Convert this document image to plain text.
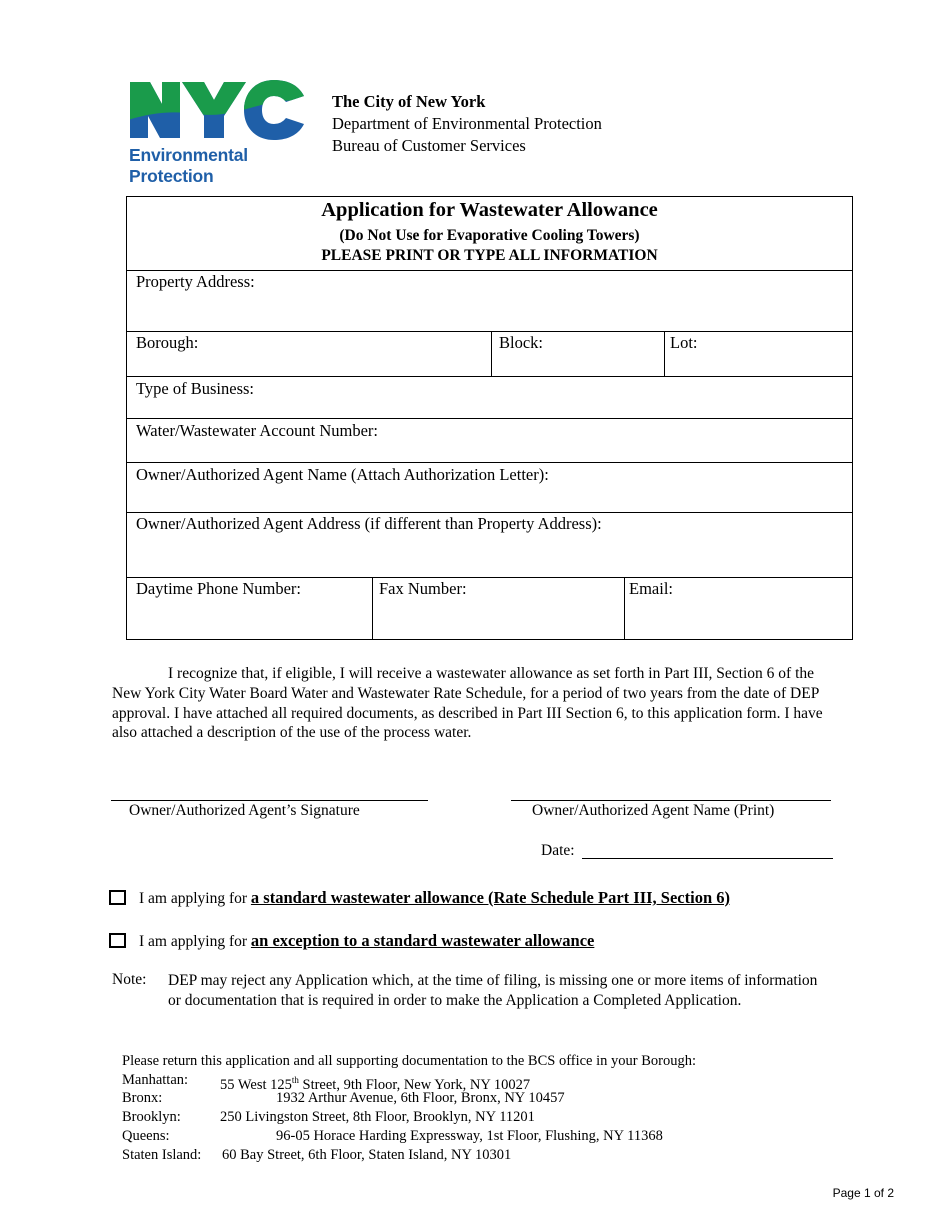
Environmental
Protection
The City of New York
Department of Environmental Protection
Bureau of Customer Services
Application for Wastewater Allowance
(Do Not Use for Evaporative Cooling Towers)
PLEASE PRINT OR TYPE ALL INFORMATION
Property Address:
Borough:	Block:	Lot:
Type of Business:
Water/Wastewater Account Number:
Owner/Authorized Agent Name (Attach Authorization Letter):
Owner/Authorized Agent Address (if different than Property Address):
Daytime Phone Number:	Fax Number:	Email:
I recognize that, if eligible, I will receive a wastewater allowance as set forth in Part III, Section 6 of the New York City Water Board Water and Wastewater Rate Schedule, for a period of two years from the date of DEP approval. I have attached all required documents, as described in Part III Section 6, to this application form. I have also attached a description of the use of the process water.
Owner/Authorized Agent’s Signature	Owner/Authorized Agent Name (Print)
Date:
I am applying for a standard wastewater allowance (Rate Schedule Part III, Section 6)
I am applying for an exception to a standard wastewater allowance
Note: DEP may reject any Application which, at the time of filing, is missing one or more items of information or documentation that is required in order to make the Application a Completed Application.
Please return this application and all supporting documentation to the BCS office in your Borough:
Manhattan: 55 West 125th Street, 9th Floor, New York, NY 10027
Bronx:	1932 Arthur Avenue, 6th Floor, Bronx, NY 10457
Brooklyn:	250 Livingston Street, 8th Floor, Brooklyn, NY 11201
Queens:	96-05 Horace Harding Expressway, 1st Floor, Flushing, NY 11368
Staten Island: 60 Bay Street, 6th Floor, Staten Island, NY 10301
Page 1 of 2
